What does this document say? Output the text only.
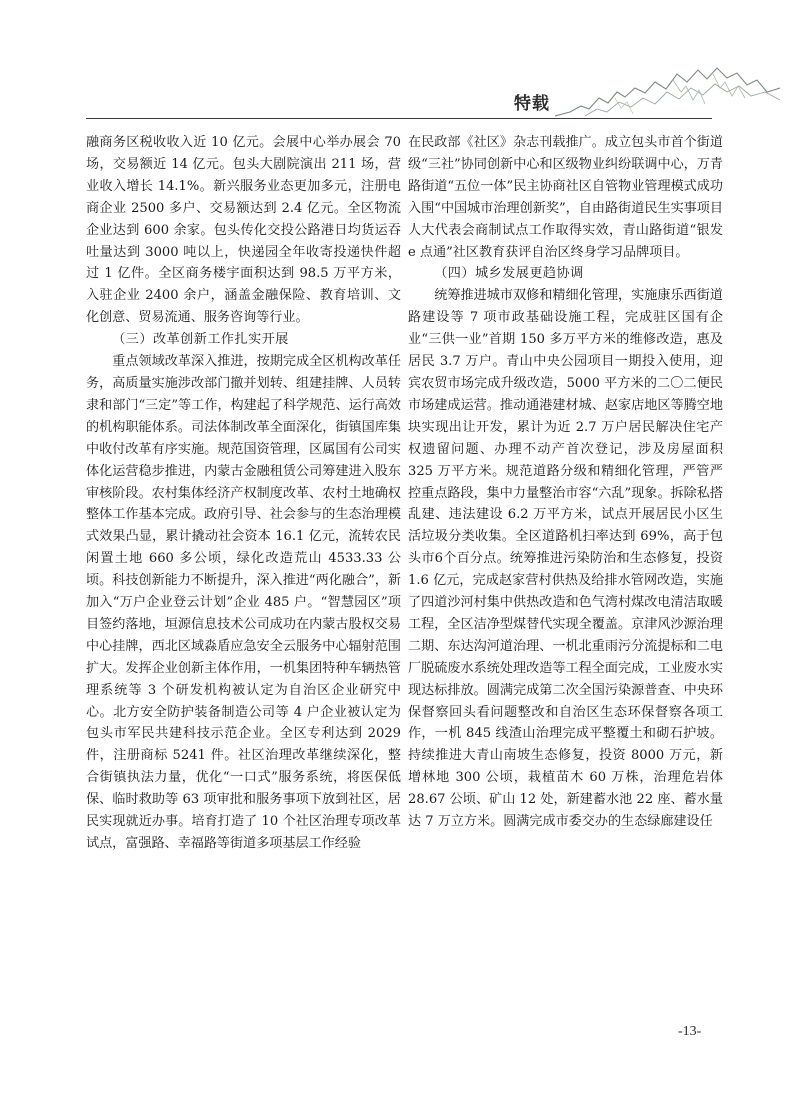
特载

融商务区税收收入近 10 亿元。会展中心举办展会 70 场，交易额近 14 亿元。包头大剧院演出 211 场，营业收入增长 14.1%。新兴服务业态更加多元，注册电商企业 2500 多户、交易额达到 2.4 亿元。全区物流企业达到 600 余家。包头传化交投公路港日均货运吞吐量达到 3000 吨以上，快递园全年收寄投递快件超过 1 亿件。全区商务楼宇面积达到 98.5 万平方米，入驻企业 2400 余户，涵盖金融保险、教育培训、文化创意、贸易流通、服务咨询等行业。

（三）改革创新工作扎实开展

重点领域改革深入推进，按期完成全区机构改革任务，高质量实施涉改部门撤并划转、组建挂牌、人员转隶和部门“三定”等工作，构建起了科学规范、运行高效的机构职能体系。司法体制改革全面深化，街镇国库集中收付改革有序实施。规范国资管理，区属国有公司实体化运营稳步推进，内蒙古金融租赁公司筹建进入股东审核阶段。农村集体经济产权制度改革、农村土地确权整体工作基本完成。政府引导、社会参与的生态治理模式效果凸显，累计撬动社会资本 16.1 亿元，流转农民闲置土地 660 多公顷，绿化改造荒山 4533.33 公顷。科技创新能力不断提升，深入推进“两化融合”，新加入“万户企业登云计划”企业 485 户。“智慧园区”项目签约落地，垣源信息技术公司成功在内蒙古股权交易中心挂牌，西北区域淼盾应急安全云服务中心辐射范围扩大。发挥企业创新主体作用，一机集团特种车辆热管理系统等 3 个研发机构被认定为自治区企业研究中心。北方安全防护装备制造公司等 4 户企业被认定为包头市军民共建科技示范企业。全区专利达到 2029 件，注册商标 5241 件。社区治理改革继续深化，整合街镇执法力量，优化“一口式”服务系统，将医保低保、临时救助等 63 项审批和服务事项下放到社区，居民实现就近办事。培育打造了 10 个社区治理专项改革试点，富强路、幸福路等街道多项基层工作经验

在民政部《社区》杂志刊载推广。成立包头市首个街道级“三社”协同创新中心和区级物业纠纷联调中心，万青路街道“五位一体”民主协商社区自管物业管理模式成功入围“中国城市治理创新奖”，自由路街道民生实事项目人大代表会商制试点工作取得实效，青山路街道“银发 e 点通”社区教育获评自治区终身学习品牌项目。

（四）城乡发展更趋协调

统筹推进城市双修和精细化管理，实施康乐西街道路建设等 7 项市政基础设施工程，完成驻区国有企业“三供一业”首期 150 多万平方米的维修改造，惠及居民 3.7 万户。青山中央公园项目一期投入使用，迎宾农贸市场完成升级改造，5000 平方米的二〇二便民市场建成运营。推动通港建材城、赵家店地区等腾空地块实现出让开发，累计为近 2.7 万户居民解决住宅产权遗留问题、办理不动产首次登记，涉及房屋面积 325 万平方米。规范道路分级和精细化管理，严管严控重点路段，集中力量整治市容“六乱”现象。拆除私搭乱建、违法建设 6.2 万平方米，试点开展居民小区生活垃圾分类收集。全区道路机扫率达到 69%，高于包头市6个百分点。统筹推进污染防治和生态修复，投资 1.6 亿元，完成赵家营村供热及给排水管网改造，实施了四道沙河村集中供热改造和色气湾村煤改电清洁取暖工程，全区洁净型煤替代实现全覆盖。京津风沙源治理二期、东达沟河道治理、一机北重雨污分流提标和二电厂脱硫废水系统处理改造等工程全面完成，工业废水实现达标排放。圆满完成第二次全国污染源普查、中央环保督察回头看问题整改和自治区生态环保督察各项工作，一机 845 线渣山治理完成平整覆土和砌石护坡。持续推进大青山南坡生态修复，投资 8000 万元，新增林地 300 公顷，栽植苗木 60 万株，治理危岩体 28.67 公顷、矿山 12 处，新建蓄水池 22 座、蓄水量达 7 万立方米。圆满完成市委交办的生态绿廊建设任

-13-
